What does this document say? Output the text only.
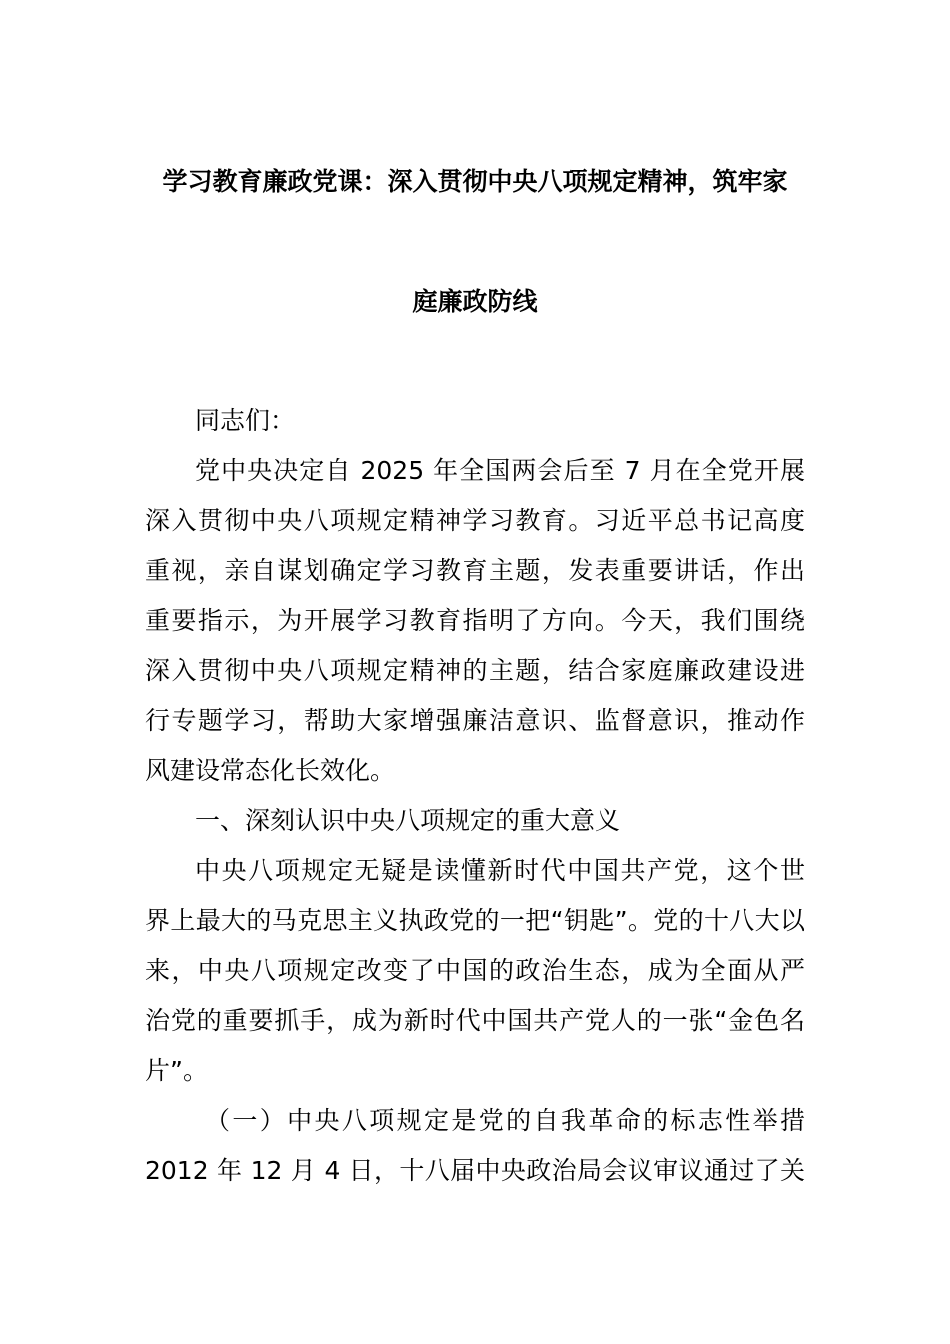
学习教育廉政党课：深入贯彻中央八项规定精神，筑牢家
庭廉政防线
同志们：
党中央决定自 2025 年全国两会后至 7 月在全党开展
深入贯彻中央八项规定精神学习教育。习近平总书记高度
重视，亲自谋划确定学习教育主题，发表重要讲话，作出
重要指示，为开展学习教育指明了方向。今天，我们围绕
深入贯彻中央八项规定精神的主题，结合家庭廉政建设进
行专题学习，帮助大家增强廉洁意识、监督意识，推动作
风建设常态化长效化。
一、深刻认识中央八项规定的重大意义
中央八项规定无疑是读懂新时代中国共产党，这个世
界上最大的马克思主义执政党的一把“钥匙”。党的十八大以
来，中央八项规定改变了中国的政治生态，成为全面从严
治党的重要抓手，成为新时代中国共产党人的一张“金色名
片”。
（一）中央八项规定是党的自我革命的标志性举措
2012 年 12 月 4 日，十八届中央政治局会议审议通过了关
